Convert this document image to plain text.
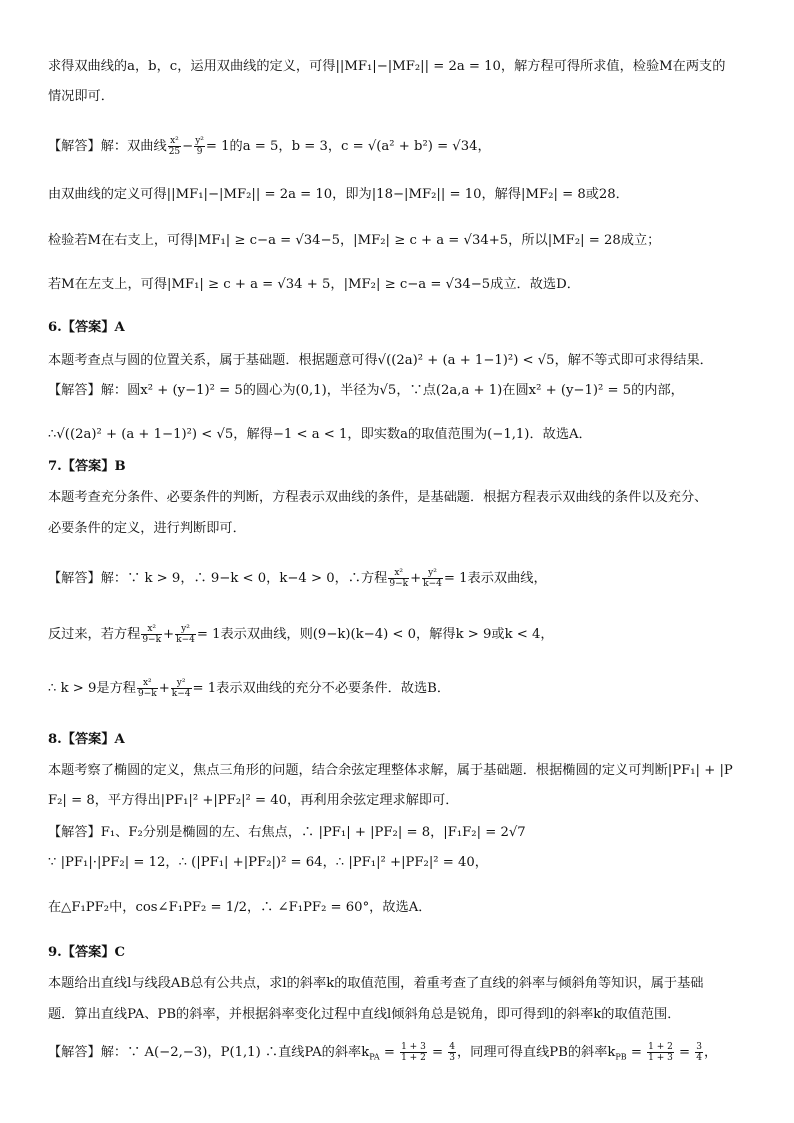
求得双曲线的a，b，c，运用双曲线的定义，可得||MF₁|−|MF₂|| = 2a = 10，解方程可得所求值，检验M在两支的
情况即可．
【解答】解：双曲线 $\frac{\text{x²}}{25} - \frac{\text{y²}}{9} = 1$的a = 5，b = 3，c = √(a² + b²) = √34，
由双曲线的定义可得||MF₁|−|MF₂|| = 2a = 10，即为|18−|MF₂|| = 10，解得|MF₂| = 8或28．
检验若M在右支上，可得|MF₁| ≥ c−a = √34−5，|MF₂| ≥ c + a = √34+5，所以|MF₂| = 28成立；
若M在左支上，可得|MF₁| ≥ c + a = √34 + 5，|MF₂| ≥ c−a = √34−5成立．故选D．
6.【答案】A
本题考查点与圆的位置关系，属于基础题．根据题意可得√((2a)² + (a + 1−1)²) < √5，解不等式即可求得结果．
【解答】解：圆x² + (y−1)² = 5的圆心为(0,1)，半径为√5，∵点(2a,a + 1)在圆x² + (y−1)² = 5的内部，
∴√((2a)² + (a + 1−1)²) < √5，解得−1 < a < 1，即实数a的取值范围为(−1,1)．故选A．
7.【答案】B
本题考查充分条件、必要条件的判断，方程表示双曲线的条件，是基础题．根据方程表示双曲线的条件以及充分、
必要条件的定义，进行判断即可．
【解答】解：∵ k > 9，∴ 9−k < 0，k−4 > 0，∴方程 $\frac{\text{x²}}{9-k} + \frac{\text{y²}}{k-4} = 1$表示双曲线，
反过来，若方程 $\frac{\text{x²}}{9-k} + \frac{\text{y²}}{k-4} = 1$表示双曲线，则(9−k)(k−4) < 0，解得k > 9或k < 4，
∴ k > 9是方程 $\frac{\text{x²}}{9-k} + \frac{\text{y²}}{k-4} = 1$表示双曲线的充分不必要条件．故选B．
8.【答案】A
本题考察了椭圆的定义，焦点三角形的问题，结合余弦定理整体求解，属于基础题．根据椭圆的定义可判断|PF₁| + |P
F₂| = 8，平方得出|PF₁|² +|PF₂|² = 40，再利用余弦定理求解即可．
【解答】F₁、F₂分别是椭圆的左、右焦点，∴ |PF₁| + |PF₂| = 8，|F₁F₂| = 2√7
∵ |PF₁|·|PF₂| = 12，∴ (|PF₁| +|PF₂|)² = 64，∴ |PF₁|² +|PF₂|² = 40，
在△F₁PF₂中，cos∠F₁PF₂ = 1/2，∴ ∠F₁PF₂ = 60°，故选A．
9.【答案】C
本题给出直线l与线段AB总有公共点，求l的斜率k的取值范围，着重考查了直线的斜率与倾斜角等知识，属于基础
题．算出直线PA、PB的斜率，并根据斜率变化过程中直线l倾斜角总是锐角，即可得到l的斜率k的取值范围．
【解答】解：∵ A(−2,−3)，P(1,1) ∴直线PA的斜率$k_{PA} = \frac{1 + 3}{1 + 2} = \frac{4}{3}$ ，同理可得直线PB的斜率$k_{PB} = \frac{1 + 2}{1 + 3} = \frac{3}{4}$ ，
